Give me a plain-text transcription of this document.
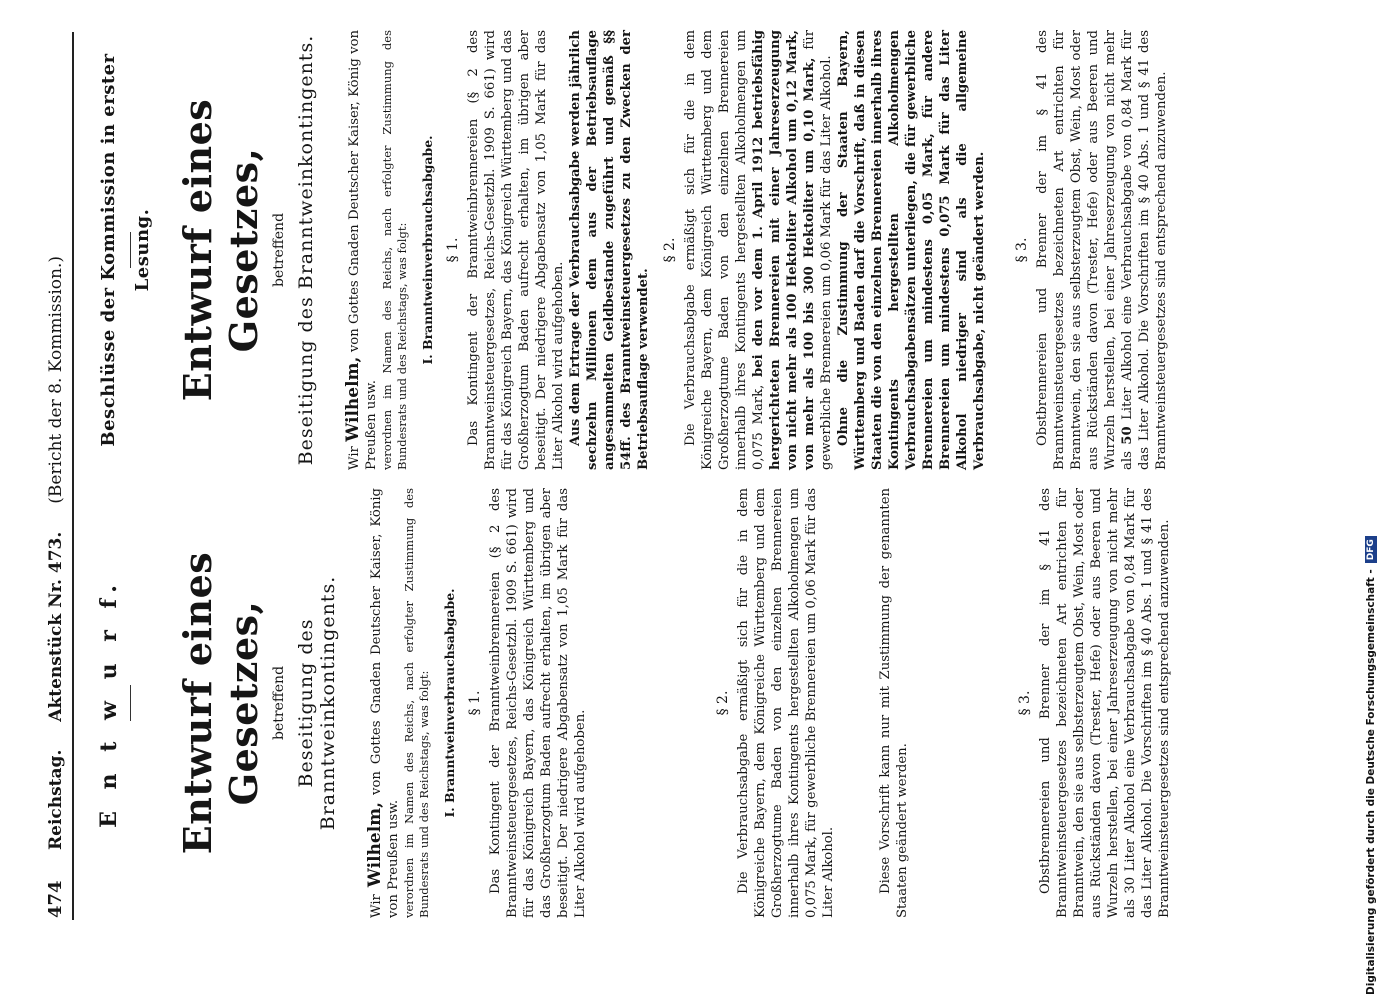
474
Reichstag. Aktenstück Nr. 473. (Bericht der 8. Kommission.)
E n t w u r f. Entwurf eines Gesetzes, betreffend Beseitigung des Branntweinkontingents.

Wir Wilhelm, von Gottes Gnaden Deutscher Kaiser, König von Preußen usw. verordnen im Namen des Reichs, nach erfolgter Zustimmung des Bundesrats und des Reichstags, was folgt: I. Branntweinverbrauchsabgabe. § 1. Das Kontingent der Branntweinbrennereien (§ 2 des Branntweinsteuergesetzes, Reichs-Gesetzbl. 1909 S. 661) wird für das Königreich Bayern, das Königreich Württemberg und das Großherzogtum Baden aufrecht erhalten, im übrigen aber beseitigt. Der niedrigere Abgabensatz von 1,05 Mark für das Liter Alkohol wird aufgehoben.

§ 2. Die Verbrauchsabgabe ermäßigt sich für die in dem Königreiche Bayern, dem Königreiche Württemberg und dem Großherzogtume Baden von den einzelnen Brennereien innerhalb ihres Kontingents hergestellten Alkoholmengen um 0,075 Mark, für gewerbliche Brennereien um 0,06 Mark für das Liter Alkohol.	Diese Vorschrift kann nur mit Zustimmung der genannten Staaten geändert werden.

§ 3. Obstbrennereien und Brenner der im § 41 des Branntweinsteuergesetzes bezeichneten Art entrichten für Branntwein, den sie aus selbsterzeugtem Obst, Wein, Most oder aus Rückständen davon (Trester, Hefe) oder aus Beeren und Wurzeln herstellen, bei einer Jahreserzeugung von nicht mehr als 30 Liter Alkohol eine Verbrauchsabgabe von 0,84 Mark für das Liter Alkohol. Die Vorschriften im § 40 Abs. 1 und § 41 des Branntweinsteuergesetzes sind entsprechend anzuwenden.

Beschlüsse der Kommission in erster Lesung. Entwurf eines Gesetzes, betreffend Beseitigung des Branntweinkontingents. Wir Wilhelm, von Gottes Gnaden Deutscher Kaiser, König von Preußen usw. verordnen im Namen des Reichs, nach erfolgter Zustimmung des Bundesrats und des Reichstags, was folgt: I. Branntweinverbrauchsabgabe. § 1. Das Kontingent der Branntweinbrennereien (§ 2 des Branntweinsteuergesetzes, Reichs-Gesetzbl. 1909 S. 661) wird für das Königreich Bayern, das Königreich Württemberg und das Großherzogtum Baden aufrecht erhalten, im übrigen aber beseitigt. Der niedrigere Abgabensatz von 1,05 Mark für das Liter Alkohol wird aufgehoben. Aus dem Ertrage der Verbrauchsabgabe werden jährlich sechzehn Millionen dem aus der Betriebsauflage angesammelten Geldbestande zugeführt und gemäß §§ 54ff. des Branntweinsteuergesetzes zu den Zwecken der Betriebsauflage verwendet.

§ 2. Die Verbrauchsabgabe ermäßigt sich für die in dem Königreiche Bayern, dem Königreich Württemberg und dem Großherzogtume Baden von den einzelnen Brennereien innerhalb ihres Kontingents hergestellten Alkoholmengen um 0,075 Mark, bei den vor dem 1. April 1912 betriebsfähig hergerichteten Brennereien mit einer Jahreserzeugung von nicht mehr als 100 Hektoliter Alkohol um 0,12 Mark, von mehr als 100 bis 300 Hektoliter um 0,10 Mark, für gewerbliche Brennereien um 0,06 Mark für das Liter Alkohol. Ohne die Zustimmung der Staaten Bayern, Württemberg und Baden darf die Vorschrift, daß in diesen Staaten die von den einzelnen Brennereien innerhalb ihres Kontingents hergestellten Alkoholmengen Verbrauchsabgabensätzen unterliegen, die für gewerbliche Brennereien um mindestens 0,05 Mark, für andere Brennereien um mindestens 0,075 Mark für das Liter Alkohol niedriger sind als die allgemeine Verbrauchsabgabe, nicht geändert werden. § 3. Obstbrennereien und Brenner der im § 41 des Branntweinsteuergesetzes bezeichneten Art entrichten für Branntwein, den sie aus selbsterzeugtem Obst, Wein, Most oder aus Rückständen davon (Trester, Hefe) oder aus Beeren und Wurzeln herstellen, bei einer Jahreserzeugung von nicht mehr als 50 Liter Alkohol eine Verbrauchsabgabe von 0,84 Mark für das Liter Alkohol. Die Vorschriften im § 40 Abs. 1 und § 41 des Branntweinsteuergesetzes sind entsprechend anzuwenden.

Digitalisierung gefördert durch die Deutsche Forschungsgemeinschaft -DFG
